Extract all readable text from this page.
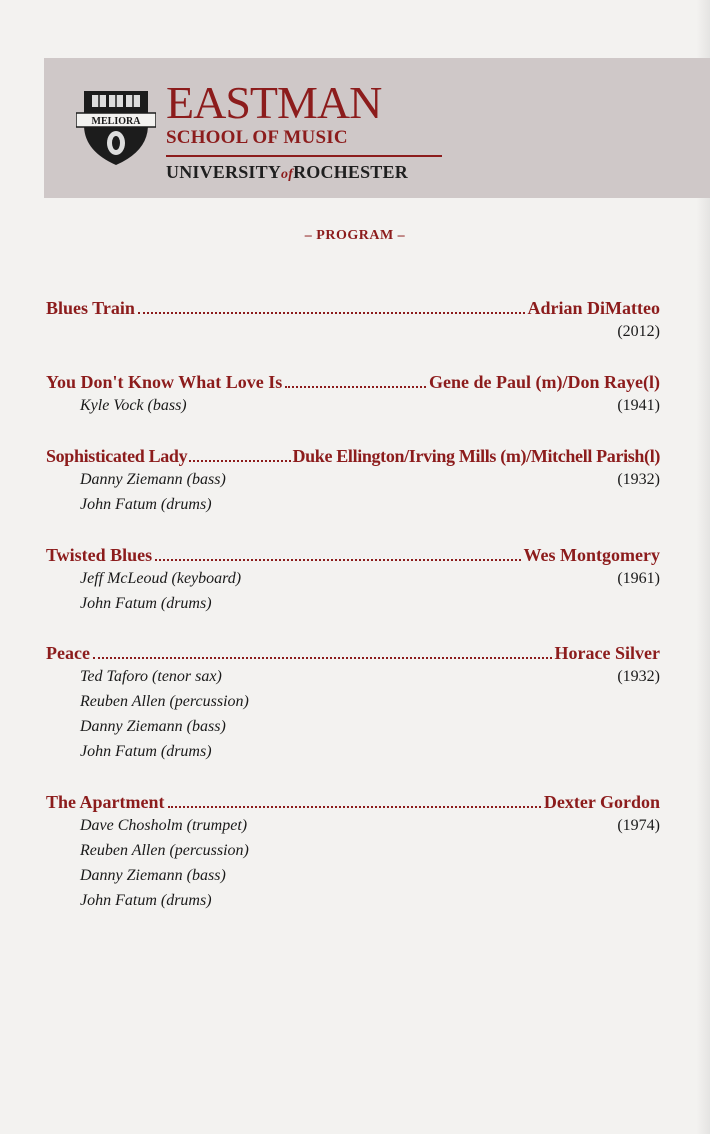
MELIORA EASTMAN
SCHOOL OF MUSIC
UNIVERSITYofROCHESTER
– PROGRAM –
Blues Train	Adrian DiMatteo
(2012)
You Don't Know What Love Is	Gene de Paul (m)/Don Raye(l)
Kyle Vock (bass)	(1941)
Sophisticated Lady	Duke Ellington/Irving Mills (m)/Mitchell Parish(l)
Danny Ziemann (bass)	(1932)
John Fatum (drums)
Twisted Blues	Wes Montgomery
Jeff McLeoud (keyboard)	(1961)
John Fatum (drums)
Peace	Horace Silver
Ted Taforo (tenor sax)	(1932)
Reuben Allen (percussion)
Danny Ziemann (bass)
John Fatum (drums)
The Apartment	Dexter Gordon
Dave Chosholm (trumpet)	(1974)
Reuben Allen (percussion)
Danny Ziemann (bass)
John Fatum (drums)
